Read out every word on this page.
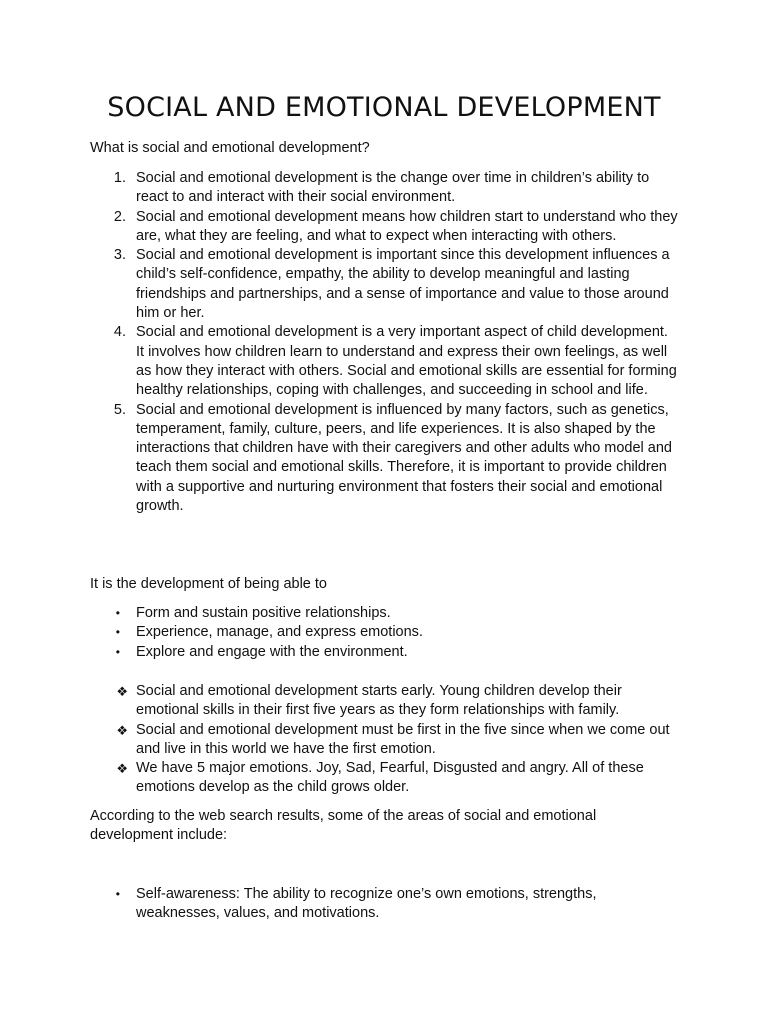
SOCIAL AND EMOTIONAL DEVELOPMENT

What is social and emotional development?

1. Social and emotional development is the change over time in children’s ability to react to and interact with their social environment.
2. Social and emotional development means how children start to understand who they are, what they are feeling, and what to expect when interacting with others.
3. Social and emotional development is important since this development influences a child’s self-confidence, empathy, the ability to develop meaningful and lasting friendships and partnerships, and a sense of importance and value to those around him or her.
4. Social and emotional development is a very important aspect of child development. It involves how children learn to understand and express their own feelings, as well as how they interact with others. Social and emotional skills are essential for forming healthy relationships, coping with challenges, and succeeding in school and life.
5. Social and emotional development is influenced by many factors, such as genetics, temperament, family, culture, peers, and life experiences. It is also shaped by the interactions that children have with their caregivers and other adults who model and teach them social and emotional skills. Therefore, it is important to provide children with a supportive and nurturing environment that fosters their social and emotional growth.

It is the development of being able to

• Form and sustain positive relationships.
• Experience, manage, and express emotions.
• Explore and engage with the environment.
❖ Social and emotional development starts early. Young children develop their emotional skills in their first five years as they form relationships with family.
❖ Social and emotional development must be first in the five since when we come out and live in this world we have the first emotion.
❖ We have 5 major emotions. Joy, Sad, Fearful, Disgusted and angry. All of these emotions develop as the child grows older.

According to the web search results, some of the areas of social and emotional development include:

• Self-awareness: The ability to recognize one’s own emotions, strengths, weaknesses, values, and motivations.
